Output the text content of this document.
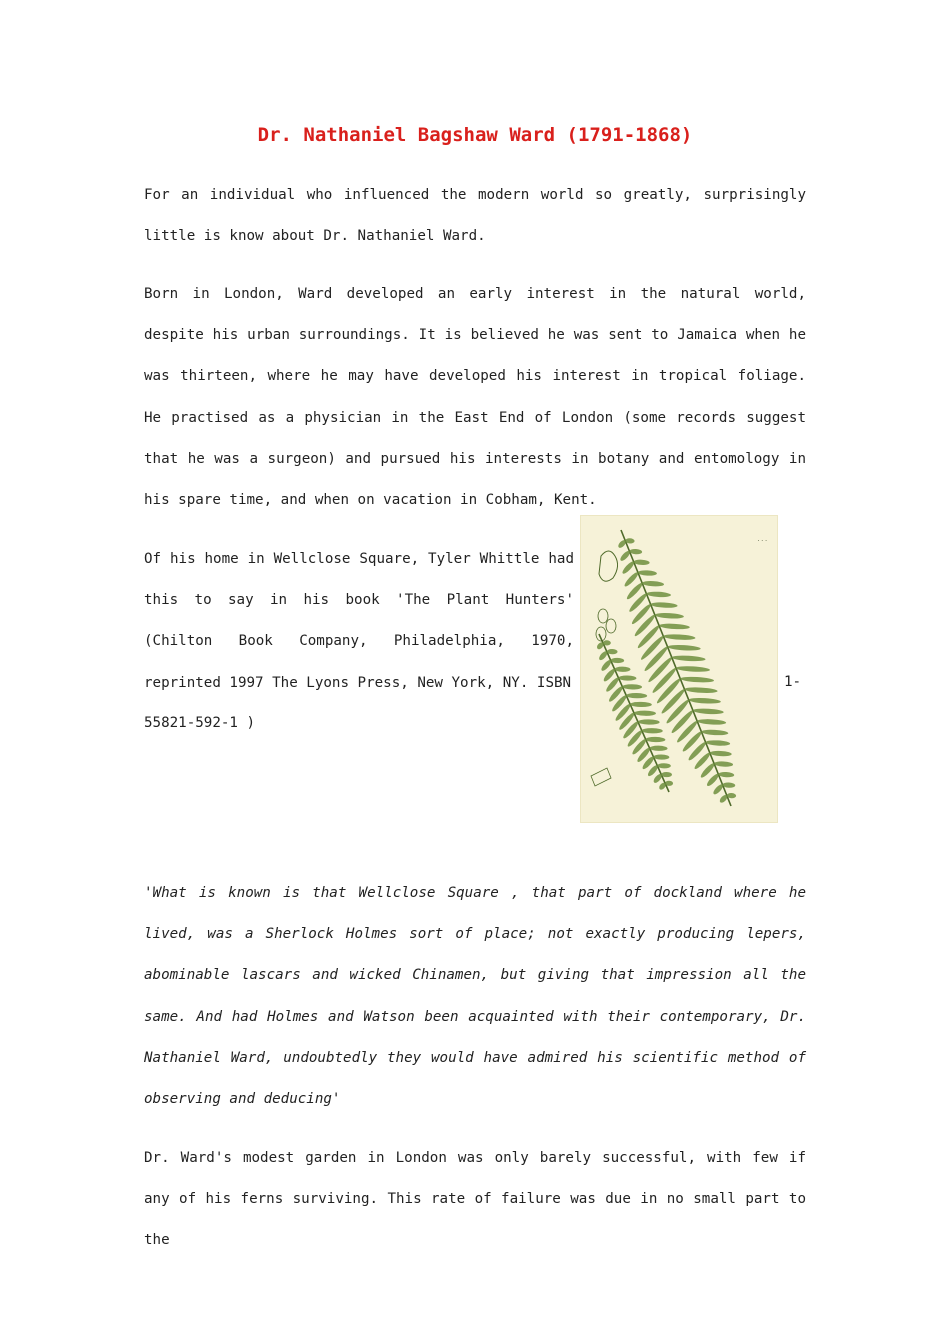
Dr. Nathaniel Bagshaw Ward (1791-1868)

For an individual who influenced the modern world so greatly, surprisingly little is know about Dr. Nathaniel Ward.

Born in London, Ward developed an early interest in the natural world, despite his urban surroundings. It is believed he was sent to Jamaica when he was thirteen, where he may have developed his interest in tropical foliage. He practised as a physician in the East End of London (some records suggest that he was a surgeon) and pursued his interests in botany and entomology in his spare time, and when on vacation in Cobham, Kent.

Of his home in Wellclose Square, Tyler Whittle had this to say in his book 'The Plant Hunters' (Chilton Book Company, Philadelphia, 1970, reprinted 1997 The Lyons Press, New York, NY. ISBN	1-
55821-592-1 )
· · ·

'What is known is that Wellclose Square , that part of dockland where he lived, was a Sherlock Holmes sort of place; not exactly producing lepers, abominable lascars and wicked Chinamen, but giving that impression all the same. And had Holmes and Watson been acquainted with their contemporary, Dr. Nathaniel Ward, undoubtedly they would have admired his scientific method of observing and deducing'

Dr. Ward's modest garden in London was only barely successful, with few if any of his ferns surviving. This rate of failure was due in no small part to the
